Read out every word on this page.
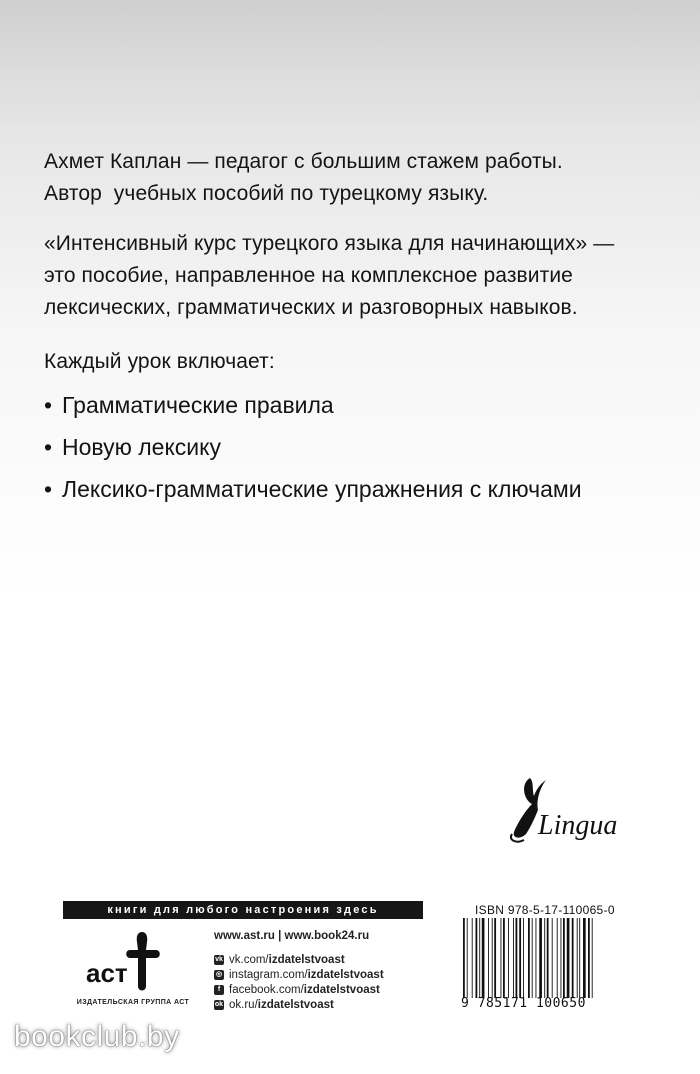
Ахмет Каплан — педагог с большим стажем работы.
Автор  учебных пособий по турецкому языку.
«Интенсивный курс турецкого языка для начинающих» —
это пособие, направленное на комплексное развитие
лексических, грамматических и разговорных навыков.
Каждый урок включает:
• Грамматические правила
• Новую лексику
• Лексико-грамматические упражнения с ключами
Lingua
книги для любого настроения здесь
аст
ИЗДАТЕЛЬСКАЯ ГРУППА АСТ
www.ast.ru | www.book24.ru
vk vk.com/ izdatelstvoast
◎ instagram.com/ izdatelstvoast
f facebook.com/ izdatelstvoast
ok ok.ru/ izdatelstvoast
ISBN 978-5-17-110065-0
9 785171 100650
bookclub.by
